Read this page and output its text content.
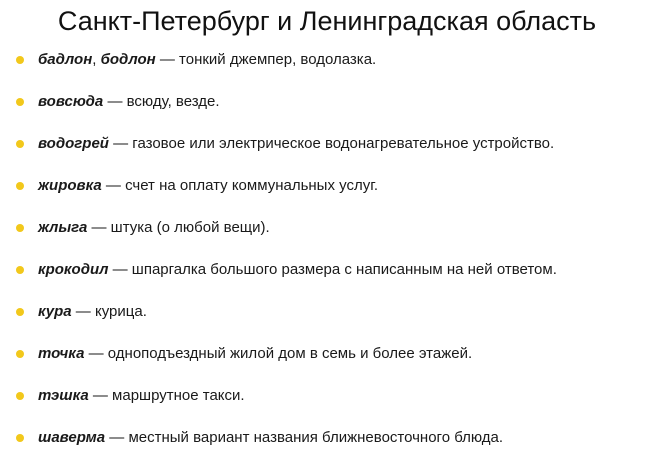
Санкт-Петербург и Ленинградская область
бадлон, бодлон — тонкий джемпер, водолазка.
вовсюда — всюду, везде.
водогрей — газовое или электрическое водонагревательное устройство.
жировка — счет на оплату коммунальных услуг.
жлыга — штука (о любой вещи).
крокодил — шпаргалка большого размера с написанным на ней ответом.
кура — курица.
точка — одноподъездный жилой дом в семь и более этажей.
тэшка — маршрутное такси.
шаверма — местный вариант названия ближневосточного блюда.
